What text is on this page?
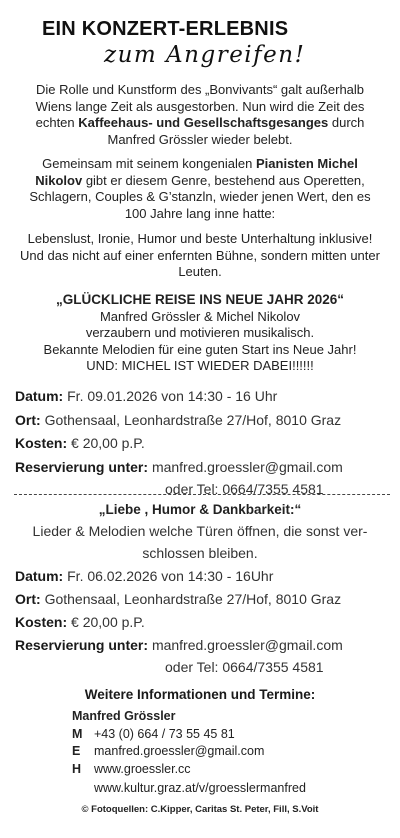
EIN KONZERT-ERLEBNIS
zum Angreifen!

Die Rolle und Kunstform des „Bonvivants“ galt außerhalb Wiens lange Zeit als ausgestorben. Nun wird die Zeit des echten Kaffeehaus- und Gesellschaftsgesanges durch Manfred Grössler wieder belebt.

Gemeinsam mit seinem kongenialen Pianisten Michel Nikolov gibt er diesem Genre, bestehend aus Operetten, Schlagern, Couples & G’stanzln, wieder jenen Wert, den es 100 Jahre lang inne hatte:

Lebenslust, Ironie, Humor und beste Unterhaltung inklusive! Und das nicht auf einer enfernten Bühne, sondern mitten unter Leuten.

„GLÜCKLICHE REISE INS NEUE JAHR 2026“

Manfred Grössler & Michel Nikolov

verzaubern und motivieren musikalisch.

Bekannte Melodien für eine guten Start ins Neue Jahr!

UND: MICHEL IST WIEDER DABEI!!!!!!

Datum: Fr. 09.01.2026 von 14:30 - 16 Uhr
Ort: Gothensaal, Leonhardstraße 27/Hof, 8010 Graz
Kosten: € 20,00 p.P.
Reservierung unter: manfred.groessler@gmail.com
oder Tel: 0664/7355 4581

„Liebe , Humor & Dankbarkeit:“

Lieder & Melodien welche Türen öffnen, die sonst ver-
schlossen bleiben.
Datum: Fr. 06.02.2026 von 14:30 - 16Uhr
Ort: Gothensaal, Leonhardstraße 27/Hof, 8010 Graz
Kosten: € 20,00 p.P.
Reservierung unter: manfred.groessler@gmail.com
oder Tel: 0664/7355 4581
Weitere Informationen und Termine:
Manfred Grössler
M +43 (0) 664 / 73 55 45 81
E manfred.groessler@gmail.com
H www.groessler.cc
www.kultur.graz.at/v/groesslermanfred
© Fotoquellen: C.Kipper, Caritas St. Peter, Fill, S.Voit
